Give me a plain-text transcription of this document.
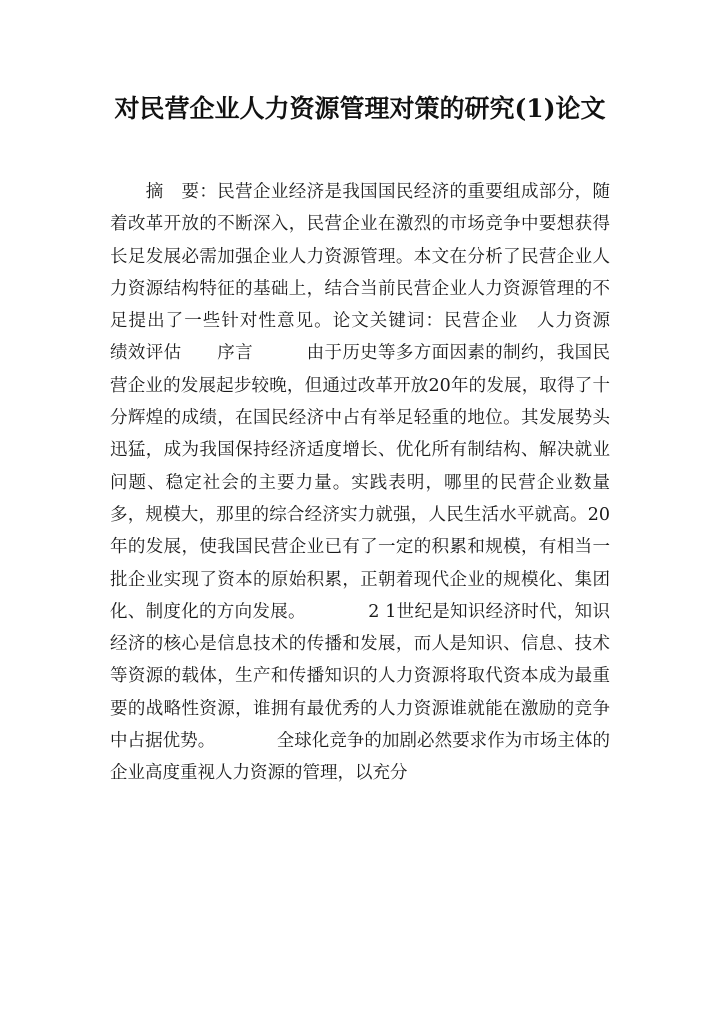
对民营企业人力资源管理对策的研究(1)论文

　　摘　要：民营企业经济是我国国民经济的重要组成部分，随着改革开放的不断深入，民营企业在激烈的市场竞争中要想获得长足发展必需加强企业人力资源管理。本文在分析了民营企业人力资源结构特征的基础上，结合当前民营企业人力资源管理的不足提出了一些针对性意见。论文关键词：民营企业　人力资源　绩效评估　　序言　　　由于历史等多方面因素的制约，我国民营企业的发展起步较晚，但通过改革开放20年的发展，取得了十分辉煌的成绩，在国民经济中占有举足轻重的地位。其发展势头迅猛，成为我国保持经济适度增长、优化所有制结构、解决就业问题、稳定社会的主要力量。实践表明，哪里的民营企业数量多，规模大，那里的综合经济实力就强，人民生活水平就高。20年的发展，使我国民营企业已有了一定的积累和规模，有相当一批企业实现了资本的原始积累，正朝着现代企业的规模化、集团化、制度化的方向发展。　　　　2 1世纪是知识经济时代，知识经济的核心是信息技术的传播和发展，而人是知识、信息、技术等资源的载体，生产和传播知识的人力资源将取代资本成为最重要的战略性资源，谁拥有最优秀的人力资源谁就能在激励的竞争中占据优势。　　　　全球化竞争的加剧必然要求作为市场主体的企业高度重视人力资源的管理，以充分
